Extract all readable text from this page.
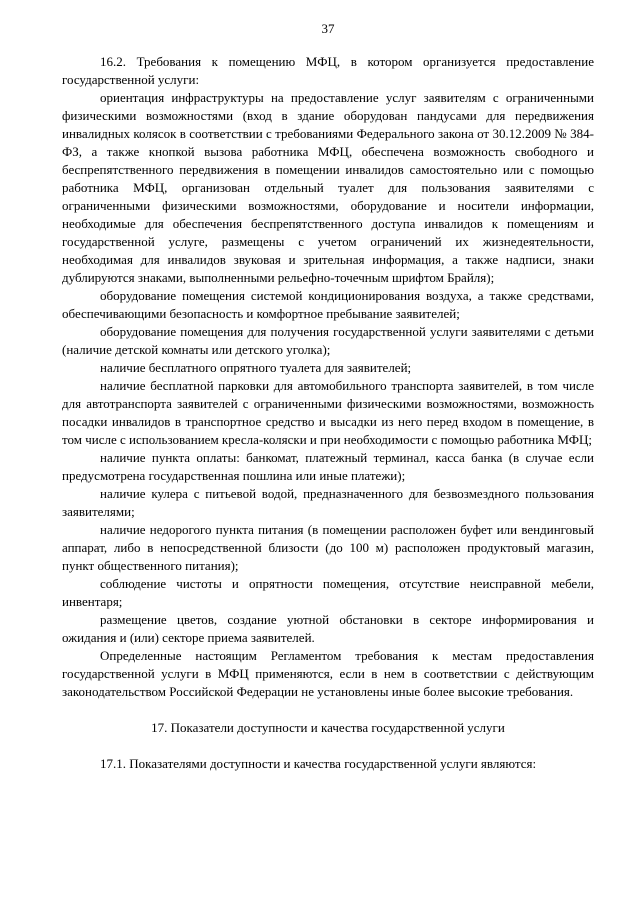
37

16.2. Требования к помещению МФЦ, в котором организуется предоставление государственной услуги:

ориентация инфраструктуры на предоставление услуг заявителям с ограниченными физическими возможностями (вход в здание оборудован пандусами для передвижения инвалидных колясок в соответствии с требованиями Федерального закона от 30.12.2009 № 384-ФЗ, а также кнопкой вызова работника МФЦ, обеспечена возможность свободного и беспрепятственного передвижения в помещении инвалидов самостоятельно или с помощью работника МФЦ, организован отдельный туалет для пользования заявителями с ограниченными физическими возможностями, оборудование и носители информации, необходимые для обеспечения беспрепятственного доступа инвалидов к помещениям и государственной услуге, размещены с учетом ограничений их жизнедеятельности, необходимая для инвалидов звуковая и зрительная информация, а также надписи, знаки дублируются знаками, выполненными рельефно-точечным шрифтом Брайля);

оборудование помещения системой кондиционирования воздуха, а также средствами, обеспечивающими безопасность и комфортное пребывание заявителей;

оборудование помещения для получения государственной услуги заявителями с детьми (наличие детской комнаты или детского уголка);

наличие бесплатного опрятного туалета для заявителей;

наличие бесплатной парковки для автомобильного транспорта заявителей, в том числе для автотранспорта заявителей с ограниченными физическими возможностями, возможность посадки инвалидов в транспортное средство и высадки из него перед входом в помещение, в том числе с использованием кресла-коляски и при необходимости с помощью работника МФЦ;

наличие пункта оплаты: банкомат, платежный терминал, касса банка (в случае если предусмотрена государственная пошлина или иные платежи);

наличие кулера с питьевой водой, предназначенного для безвозмездного пользования заявителями;

наличие недорогого пункта питания (в помещении расположен буфет или вендинговый аппарат, либо в непосредственной близости (до 100 м) расположен продуктовый магазин, пункт общественного питания);

соблюдение чистоты и опрятности помещения, отсутствие неисправной мебели, инвентаря;

размещение цветов, создание уютной обстановки в секторе информирования и ожидания и (или) секторе приема заявителей.

Определенные настоящим Регламентом требования к местам предоставления государственной услуги в МФЦ применяются, если в нем в соответствии с действующим законодательством Российской Федерации не установлены иные более высокие требования.

17. Показатели доступности и качества государственной услуги

17.1. Показателями доступности и качества государственной услуги являются:
